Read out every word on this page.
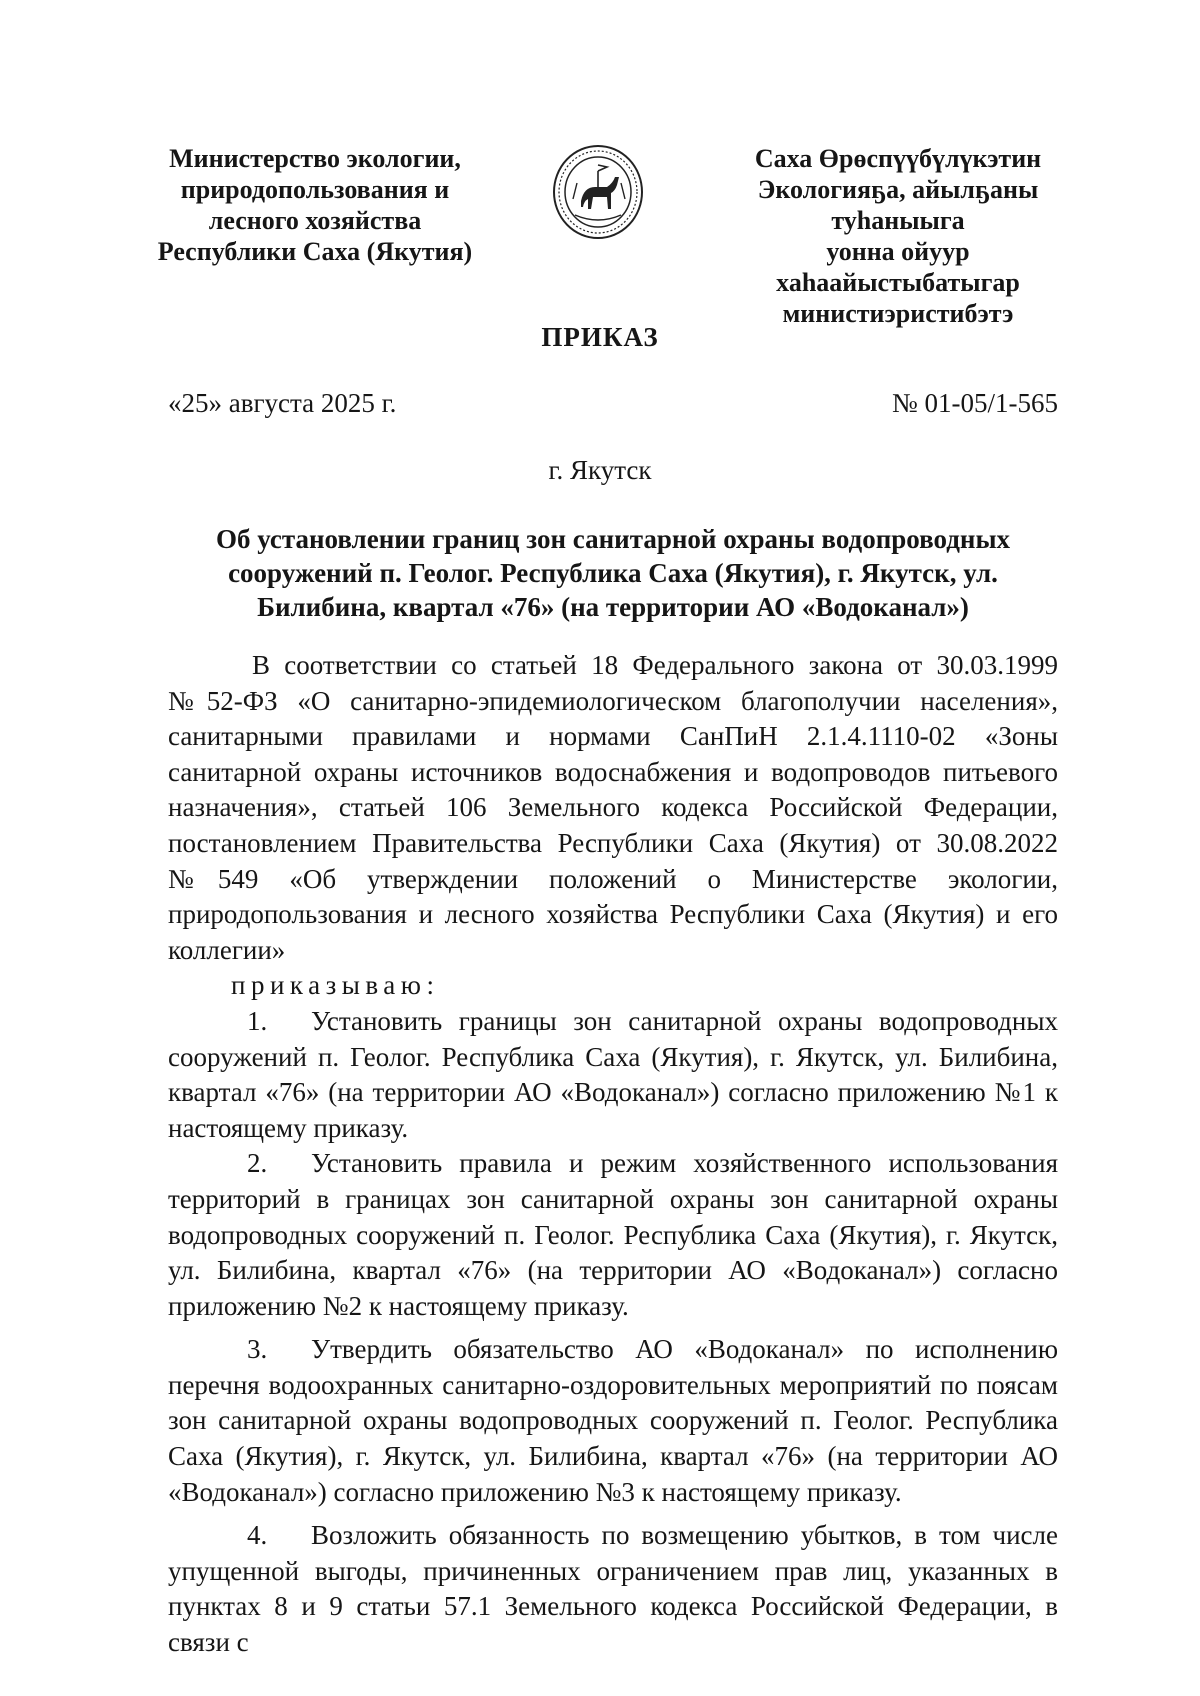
Министерство экологии,
природопользования и
лесного хозяйства
Республики Саха (Якутия)
Саха Өрөспүүбүлүкэтин
Экологияҕа, айылҕаны туһаныыга
уонна ойуур хаһаайыстыбатыгар
министиэристибэтэ
ПРИКАЗ
«25» августа 2025 г.	№ 01-05/1-565
г. Якутск
Об установлении границ зон санитарной охраны водопроводных сооружений п. Геолог. Республика Саха (Якутия), г. Якутск, ул. Билибина, квартал «76» (на территории АО «Водоканал»)

В соответствии со статьей 18 Федерального закона от 30.03.1999 №52-ФЗ «О санитарно-эпидемиологическом благополучии населения», санитарными правилами и нормами СанПиН 2.1.4.1110-02 «Зоны санитарной охраны источников водоснабжения и водопроводов питьевого назначения», статьей 106 Земельного кодекса Российской Федерации, постановлением Правительства Республики Саха (Якутия) от 30.08.2022 №549 «Об утверждении положений о Министерстве экологии, природопользования и лесного хозяйства Республики Саха (Якутия) и его коллегии»

приказываю:

1. Установить границы зон санитарной охраны водопроводных сооружений п. Геолог. Республика Саха (Якутия), г. Якутск, ул. Билибина, квартал «76» (на территории АО «Водоканал») согласно приложению №1 к настоящему приказу.

2. Установить правила и режим хозяйственного использования территорий в границах зон санитарной охраны зон санитарной охраны водопроводных сооружений п. Геолог. Республика Саха (Якутия), г. Якутск, ул. Билибина, квартал «76» (на территории АО «Водоканал») согласно приложению №2 к настоящему приказу.

3. Утвердить обязательство АО «Водоканал» по исполнению перечня водоохранных санитарно-оздоровительных мероприятий по поясам зон санитарной охраны водопроводных сооружений п. Геолог. Республика Саха (Якутия), г. Якутск, ул. Билибина, квартал «76» (на территории АО «Водоканал») согласно приложению №3 к настоящему приказу.

4. Возложить обязанность по возмещению убытков, в том числе упущенной выгоды, причиненных ограничением прав лиц, указанных в пунктах 8 и 9 статьи 57.1 Земельного кодекса Российской Федерации, в связи с
